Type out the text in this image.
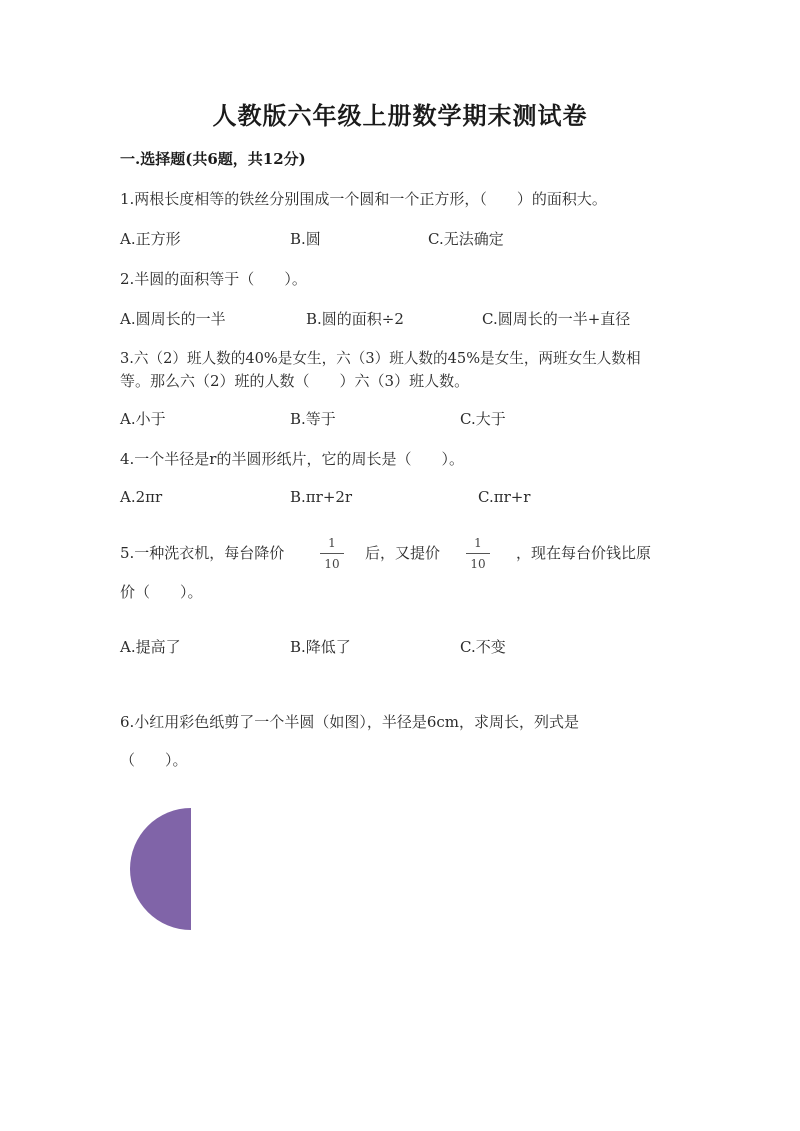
人教版六年级上册数学期末测试卷
一.选择题(共6题，共12分)
1.两根长度相等的铁丝分别围成一个圆和一个正方形，（　　）的面积大。
A.正方形	B.圆	C.无法确定
2.半圆的面积等于（　　）。
A.圆周长的一半	B.圆的面积÷2	C.圆周长的一半+直径
3.六（2）班人数的40%是女生，六（3）班人数的45%是女生，两班女生人数相
等。那么六（2）班的人数（　　）六（3）班人数。
A.小于	B.等于	C.大于
4.一个半径是r的半圆形纸片，它的周长是（　　）。
A.2πr	B.πr+2r	C.πr+r
5.一种洗衣机，每台降价
1
10
后，又提价
1
10
，现在每台价钱比原
价（　　）。
A.提高了	B.降低了	C.不变
6.小红用彩色纸剪了一个半圆（如图），半径是6cm，求周长，列式是
（　　）。
